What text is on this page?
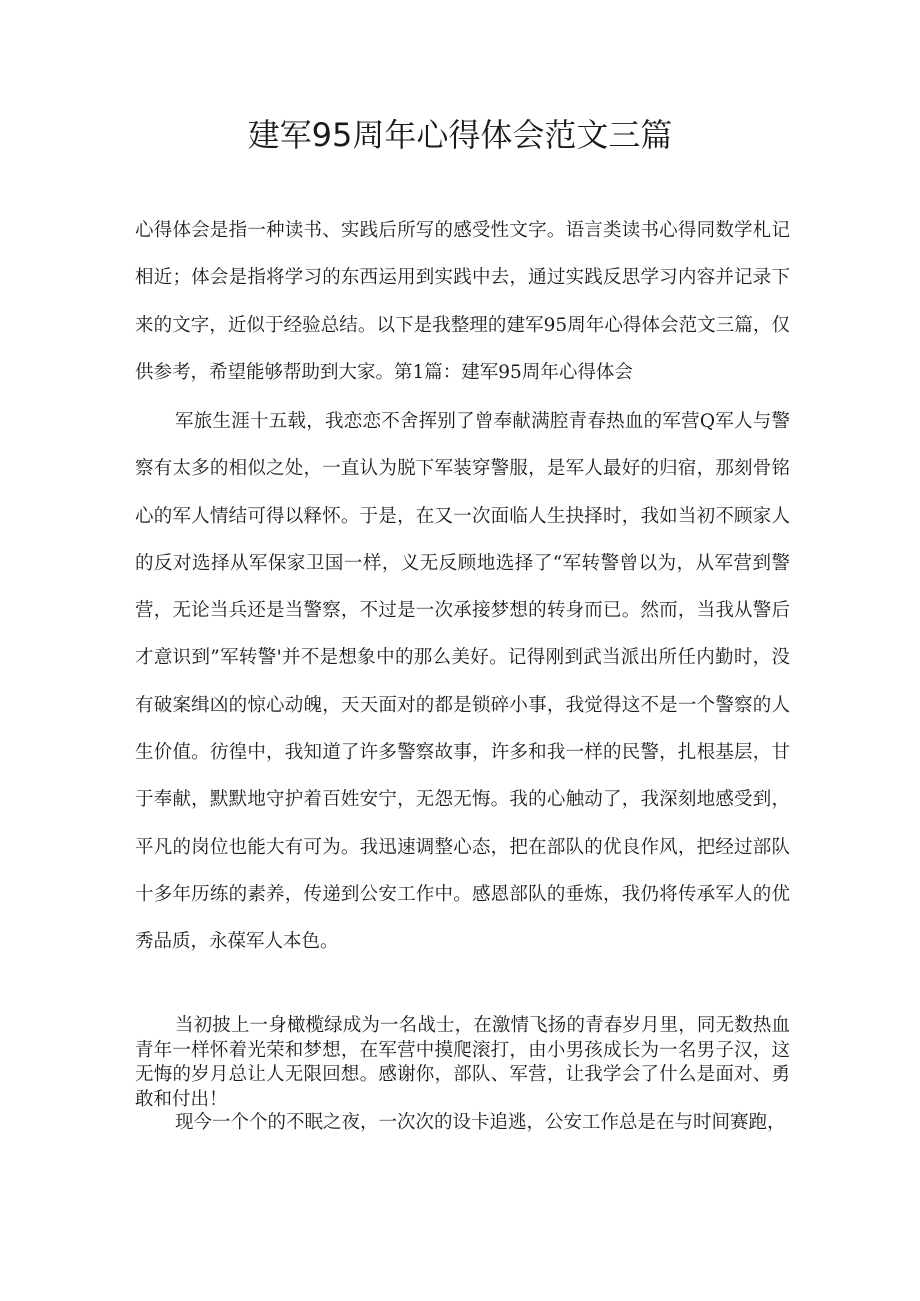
建军95周年心得体会范文三篇

心得体会是指一种读书、实践后所写的感受性文字。语言类读书心得同数学札记相近；体会是指将学习的东西运用到实践中去，通过实践反思学习内容并记录下来的文字，近似于经验总结。以下是我整理的建军95周年心得体会范文三篇，仅供参考，希望能够帮助到大家。第1篇：建军95周年心得体会

军旅生涯十五载，我恋恋不舍挥别了曾奉献满腔青春热血的军营Q军人与警察有太多的相似之处，一直认为脱下军装穿警服，是军人最好的归宿，那刻骨铭心的军人情结可得以释怀。于是，在又一次面临人生抉择时，我如当初不顾家人的反对选择从军保家卫国一样，义无反顾地选择了“军转警曾以为，从军营到警营，无论当兵还是当警察，不过是一次承接梦想的转身而已。然而，当我从警后才意识到”军转警'并不是想象中的那么美好。记得刚到武当派出所任内勤时，没有破案缉凶的惊心动魄，天天面对的都是锁碎小事，我觉得这不是一个警察的人生价值。彷徨中，我知道了许多警察故事，许多和我一样的民警，扎根基层，甘于奉献，默默地守护着百姓安宁，无怨无悔。我的心触动了，我深刻地感受到，平凡的岗位也能大有可为。我迅速调整心态，把在部队的优良作风，把经过部队十多年历练的素养，传递到公安工作中。感恩部队的垂炼，我仍将传承军人的优秀品质，永葆军人本色。

当初披上一身橄榄绿成为一名战士，在激情飞扬的青春岁月里，同无数热血青年一样怀着光荣和梦想，在军营中摸爬滚打，由小男孩成长为一名男子汉，这无悔的岁月总让人无限回想。感谢你，部队、军营，让我学会了什么是面对、勇敢和付出！

现今一个个的不眠之夜，一次次的设卡追逃，公安工作总是在与时间赛跑，
